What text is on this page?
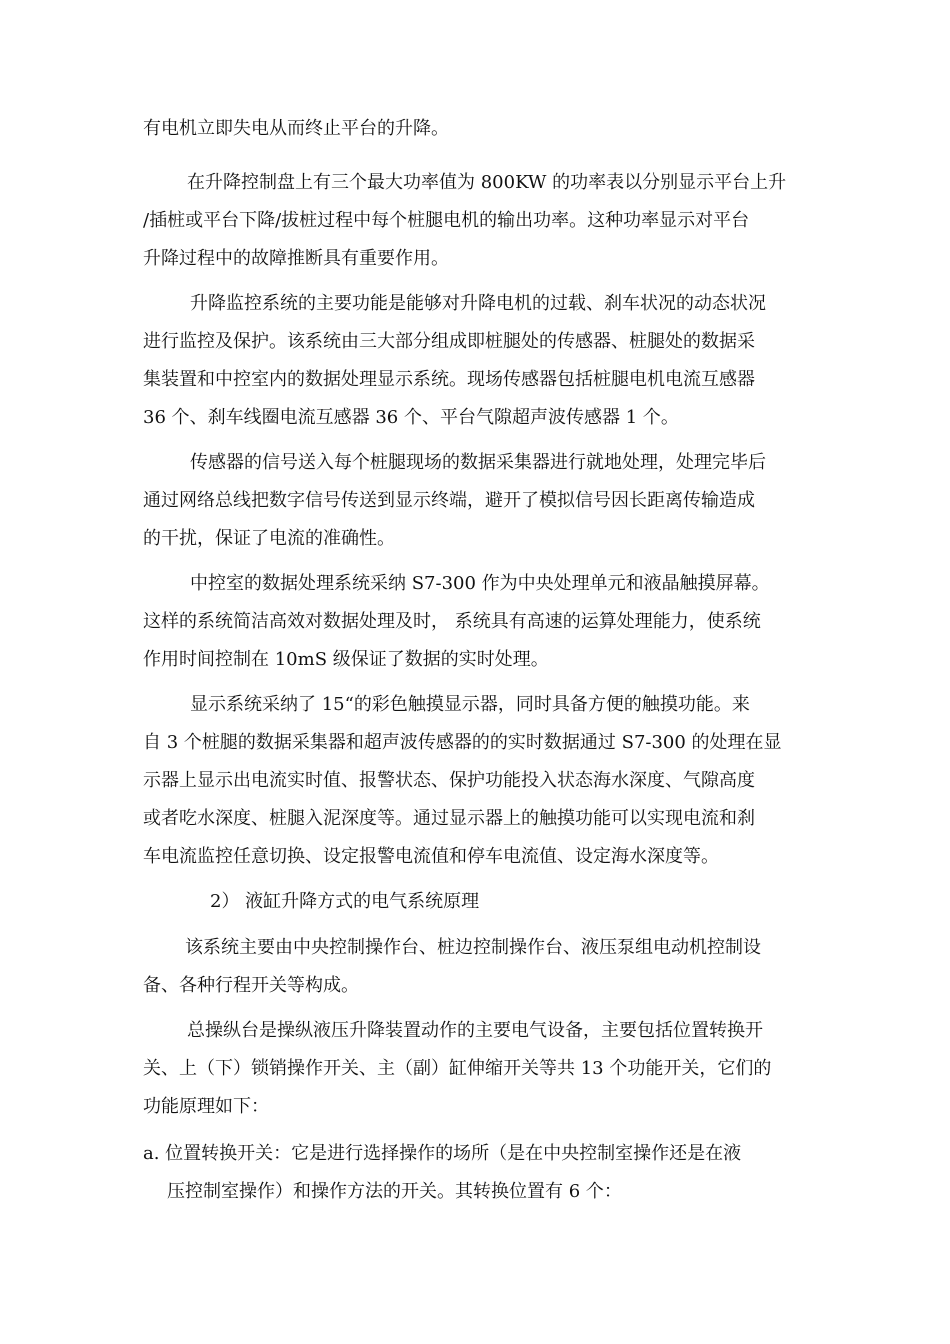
有电机立即失电从而终止平台的升降。
在升降控制盘上有三个最大功率值为 800KW 的功率表以分别显示平台上升
/插桩或平台下降/拔桩过程中每个桩腿电机的输出功率。这种功率显示对平台
升降过程中的故障推断具有重要作用。
升降监控系统的主要功能是能够对升降电机的过载、刹车状况的动态状况
进行监控及保护。该系统由三大部分组成即桩腿处的传感器、桩腿处的数据采
集装置和中控室内的数据处理显示系统。现场传感器包括桩腿电机电流互感器
36 个、刹车线圈电流互感器 36 个、平台气隙超声波传感器 1 个。
传感器的信号送入每个桩腿现场的数据采集器进行就地处理，处理完毕后
通过网络总线把数字信号传送到显示终端，避开了模拟信号因长距离传输造成
的干扰，保证了电流的准确性。
中控室的数据处理系统采纳 S7-300 作为中央处理单元和液晶触摸屏幕。
这样的系统简洁高效对数据处理及时， 系统具有高速的运算处理能力，使系统
作用时间控制在 10mS 级保证了数据的实时处理。
显示系统采纳了 15“的彩色触摸显示器，同时具备方便的触摸功能。来
自 3 个桩腿的数据采集器和超声波传感器的的实时数据通过 S7-300 的处理在显
示器上显示出电流实时值、报警状态、保护功能投入状态海水深度、气隙高度
或者吃水深度、桩腿入泥深度等。通过显示器上的触摸功能可以实现电流和刹
车电流监控任意切换、设定报警电流值和停车电流值、设定海水深度等。
2） 液缸升降方式的电气系统原理
该系统主要由中央控制操作台、桩边控制操作台、液压泵组电动机控制设
备、各种行程开关等构成。
总操纵台是操纵液压升降装置动作的主要电气设备，主要包括位置转换开
关、上（下）锁销操作开关、主（副）缸伸缩开关等共 13 个功能开关，它们的
功能原理如下：
a. 位置转换开关：它是进行选择操作的场所（是在中央控制室操作还是在液
压控制室操作）和操作方法的开关。其转换位置有 6 个：
